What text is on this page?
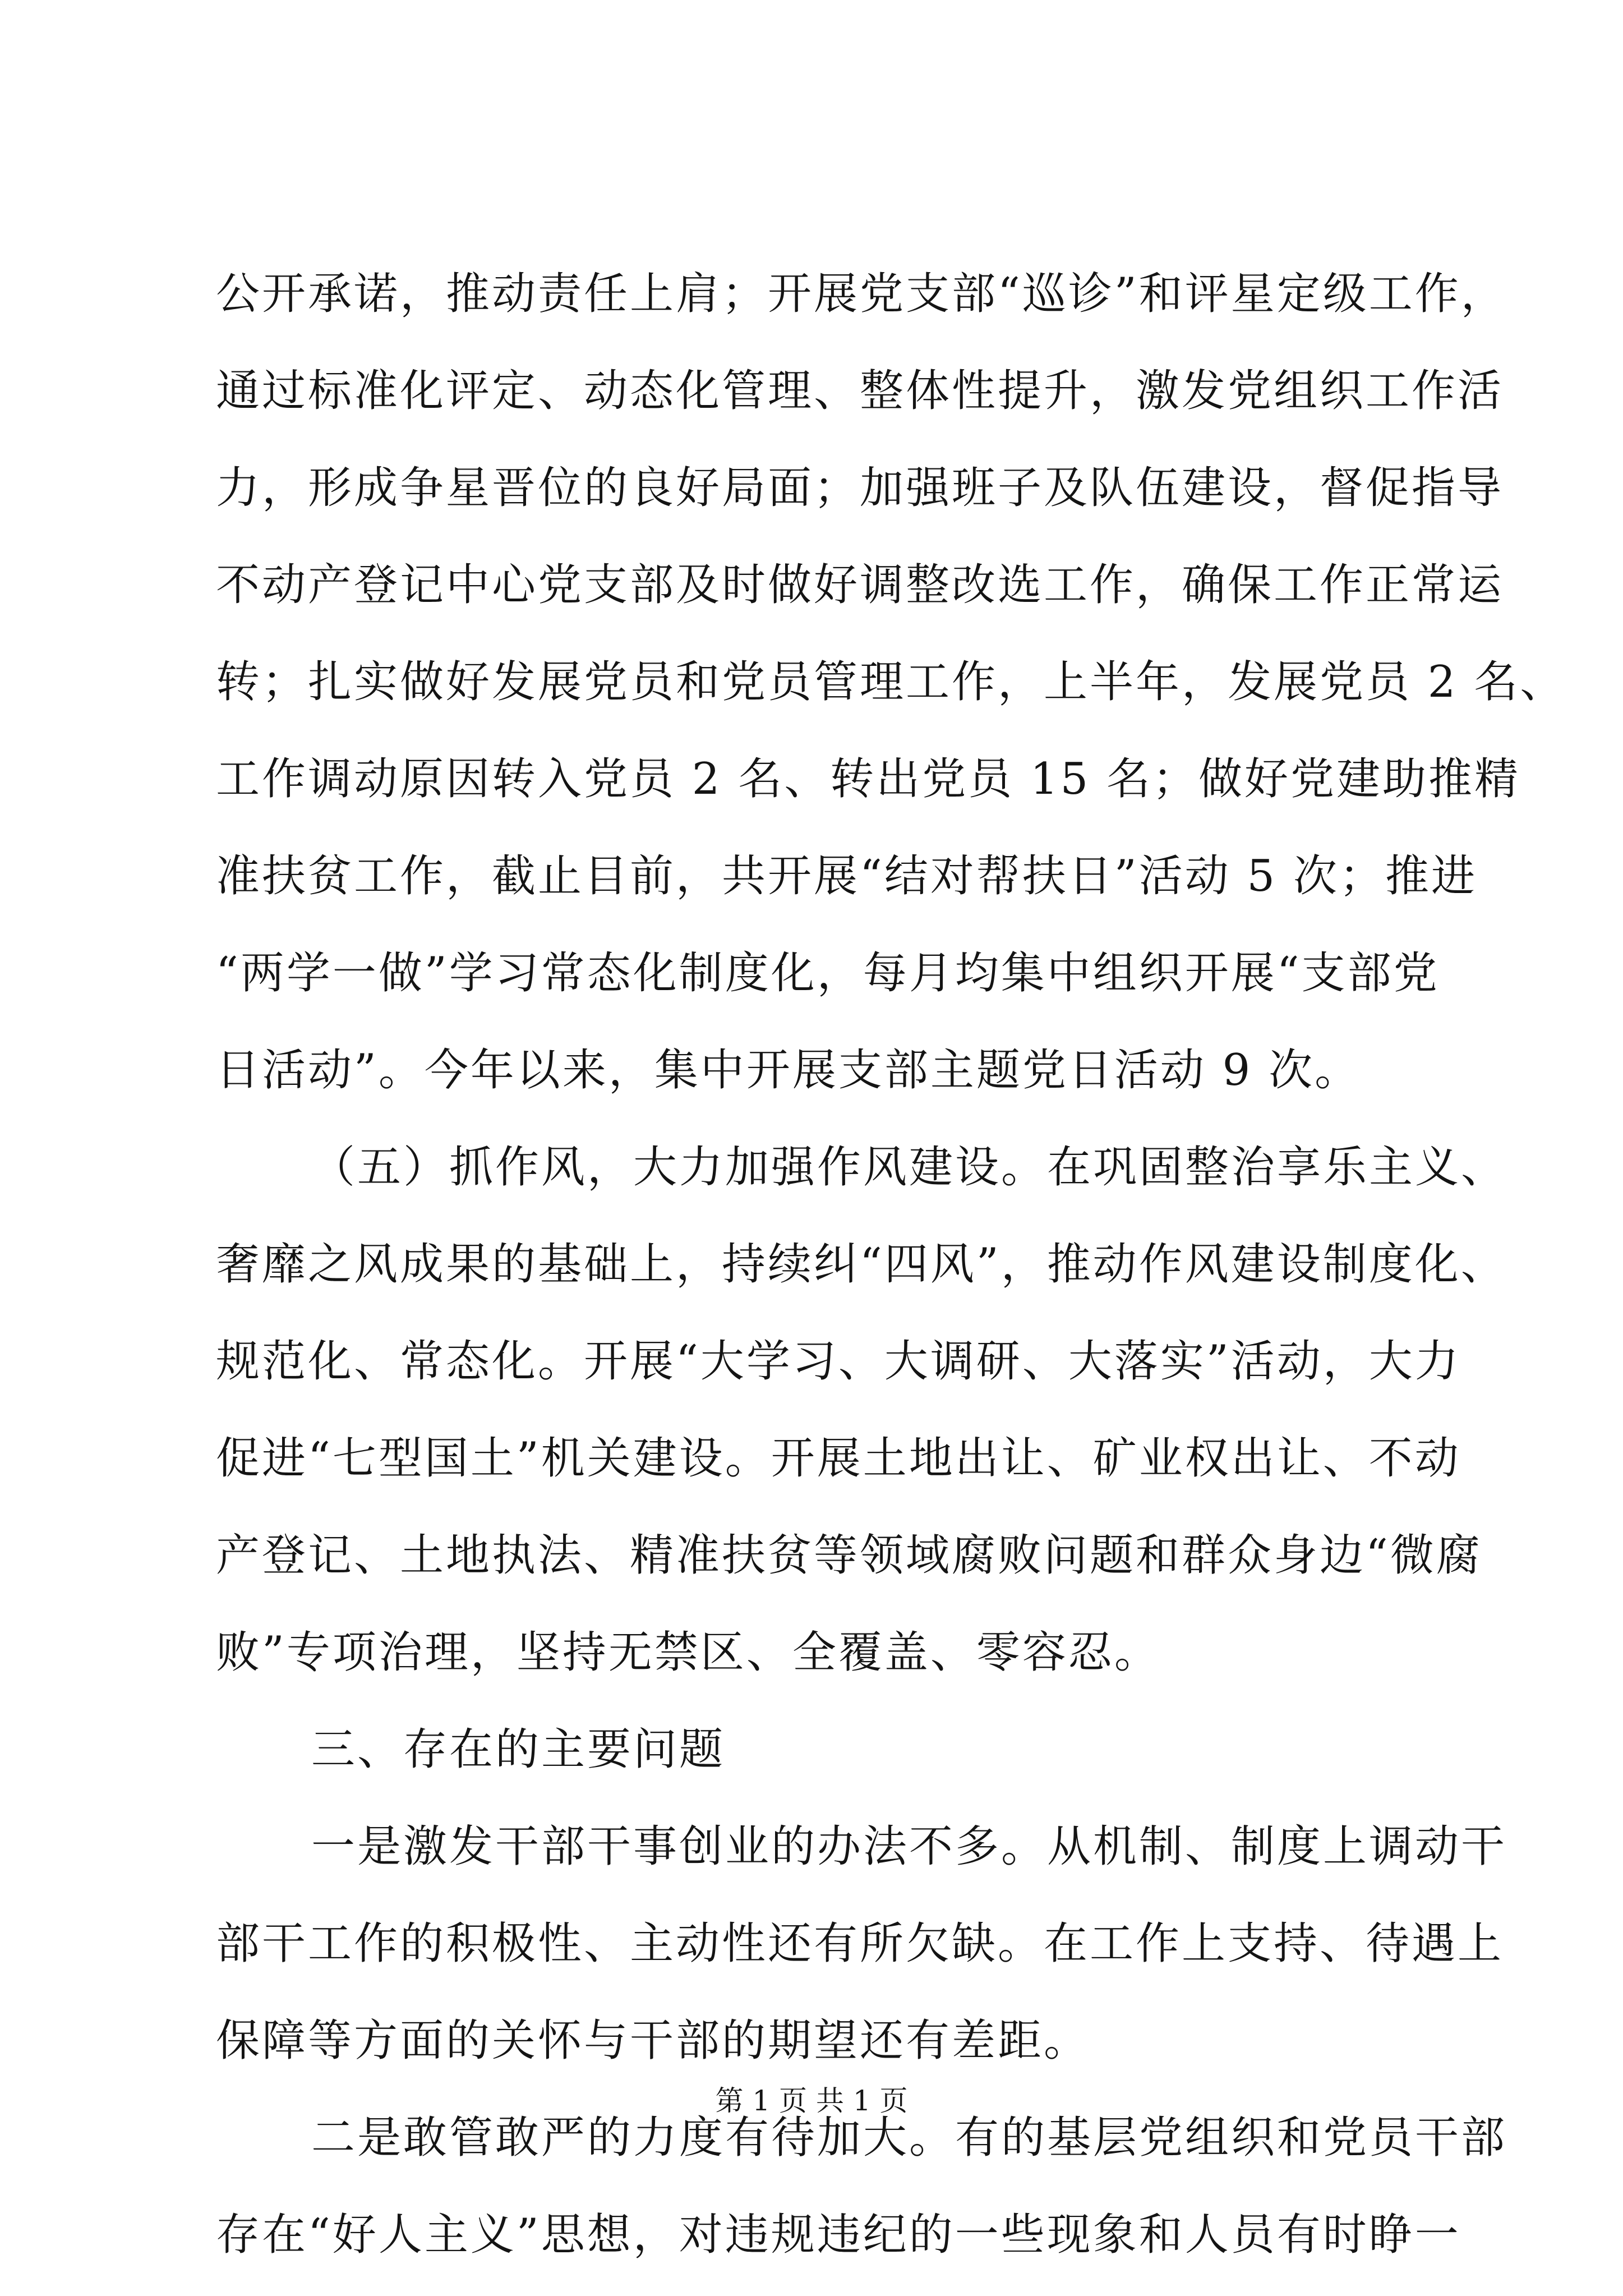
公开承诺，推动责任上肩；开展党支部“巡诊”和评星定级工作，
通过标准化评定、动态化管理、整体性提升，激发党组织工作活
力，形成争星晋位的良好局面；加强班子及队伍建设，督促指导
不动产登记中心党支部及时做好调整改选工作，确保工作正常运
转；扎实做好发展党员和党员管理工作，上半年，发展党员 2 名、
工作调动原因转入党员 2 名、转出党员 15 名；做好党建助推精
准扶贫工作，截止目前，共开展“结对帮扶日”活动 5 次；推进
“两学一做”学习常态化制度化，每月均集中组织开展“支部党
日活动”。今年以来，集中开展支部主题党日活动 9 次。
（五）抓作风，大力加强作风建设。在巩固整治享乐主义、
奢靡之风成果的基础上，持续纠“四风”，推动作风建设制度化、
规范化、常态化。开展“大学习、大调研、大落实”活动，大力
促进“七型国土”机关建设。开展土地出让、矿业权出让、不动
产登记、土地执法、精准扶贫等领域腐败问题和群众身边“微腐
败”专项治理，坚持无禁区、全覆盖、零容忍。
三、存在的主要问题
一是激发干部干事创业的办法不多。从机制、制度上调动干
部干工作的积极性、主动性还有所欠缺。在工作上支持、待遇上
保障等方面的关怀与干部的期望还有差距。
二是敢管敢严的力度有待加大。有的基层党组织和党员干部
存在“好人主义”思想，对违规违纪的一些现象和人员有时睁一
第 1 页 共 1 页
